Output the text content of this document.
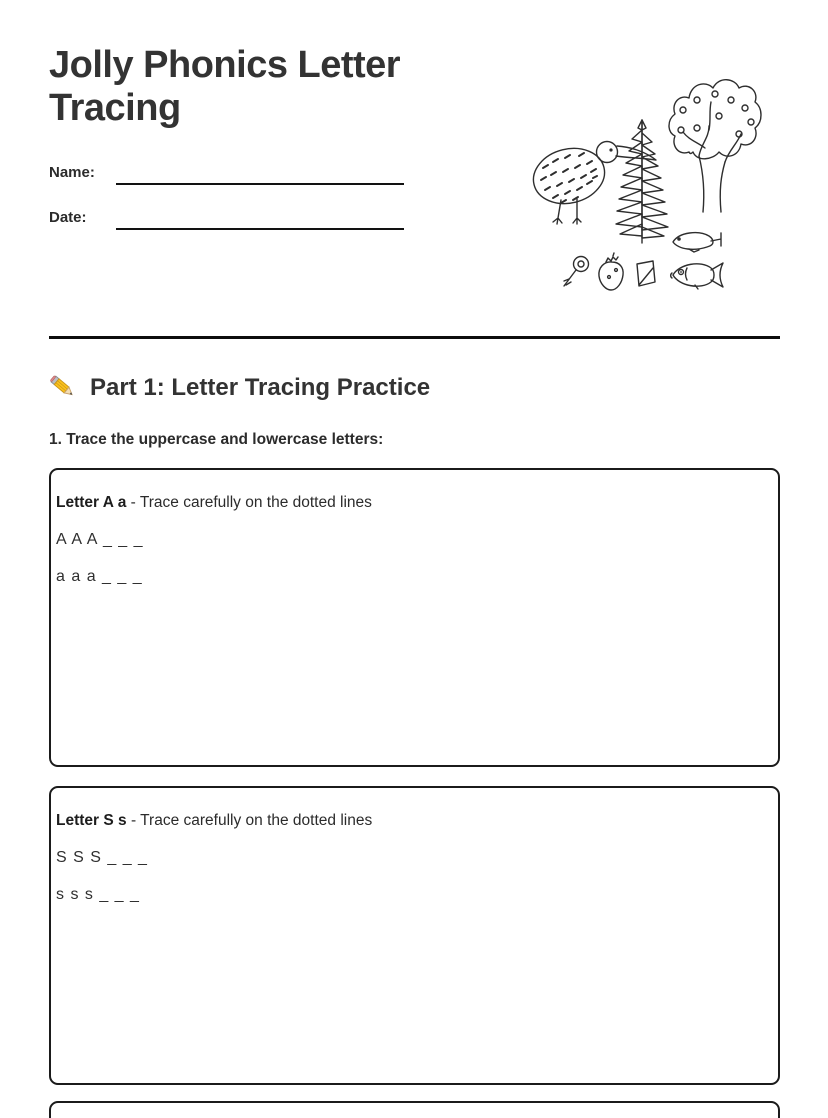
Jolly Phonics Letter Tracing
Name:
Date:
Part 1: Letter Tracing Practice
1. Trace the uppercase and lowercase letters:

Letter A a - Trace carefully on the dotted lines

A A A _ _ _

a a a _ _ _

Letter S s - Trace carefully on the dotted lines

S S S _ _ _

s s s _ _ _
